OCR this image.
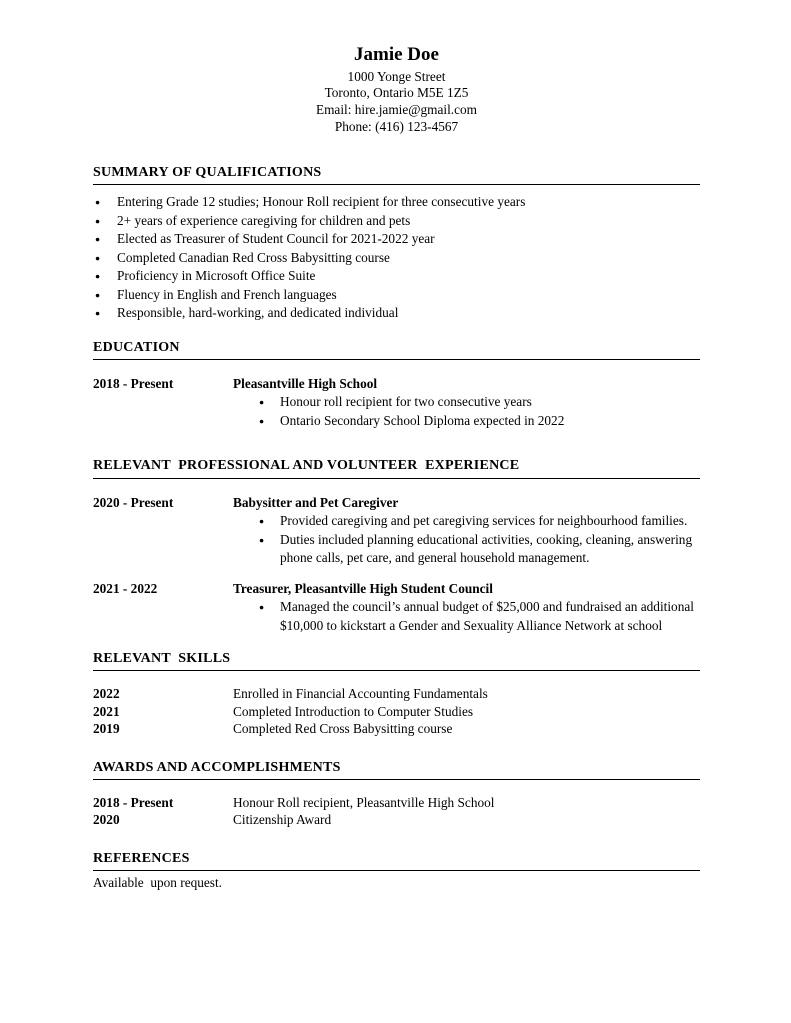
Jamie Doe
1000 Yonge Street
Toronto, Ontario M5E 1Z5
Email: hire.jamie@gmail.com
Phone: (416) 123-4567
SUMMARY OF QUALIFICATIONS
● Entering Grade 12 studies; Honour Roll recipient for three consecutive years
● 2+ years of experience caregiving for children and pets
● Elected as Treasurer of Student Council for 2021-2022 year
● Completed Canadian Red Cross Babysitting course
● Proficiency in Microsoft Office Suite
● Fluency in English and French languages
● Responsible, hard-working, and dedicated individual
EDUCATION
2018 - Present	Pleasantville High School
● Honour roll recipient for two consecutive years
● Ontario Secondary School Diploma expected in 2022
RELEVANT  PROFESSIONAL AND VOLUNTEER  EXPERIENCE
2020 - Present	Babysitter and Pet Caregiver
● Provided caregiving and pet caregiving services for neighbourhood families.
● Duties included planning educational activities, cooking, cleaning, answering phone calls, pet care, and general household management.
2021 - 2022	Treasurer, Pleasantville High Student Council
● Managed the council’s annual budget of $25,000 and fundraised an additional $10,000 to kickstart a Gender and Sexuality Alliance Network at school
RELEVANT  SKILLS
2022	Enrolled in Financial Accounting Fundamentals
2021	Completed Introduction to Computer Studies
2019	Completed Red Cross Babysitting course
AWARDS AND ACCOMPLISHMENTS
2018 - Present	Honour Roll recipient, Pleasantville High School
2020	Citizenship Award
REFERENCES
Available  upon request.
